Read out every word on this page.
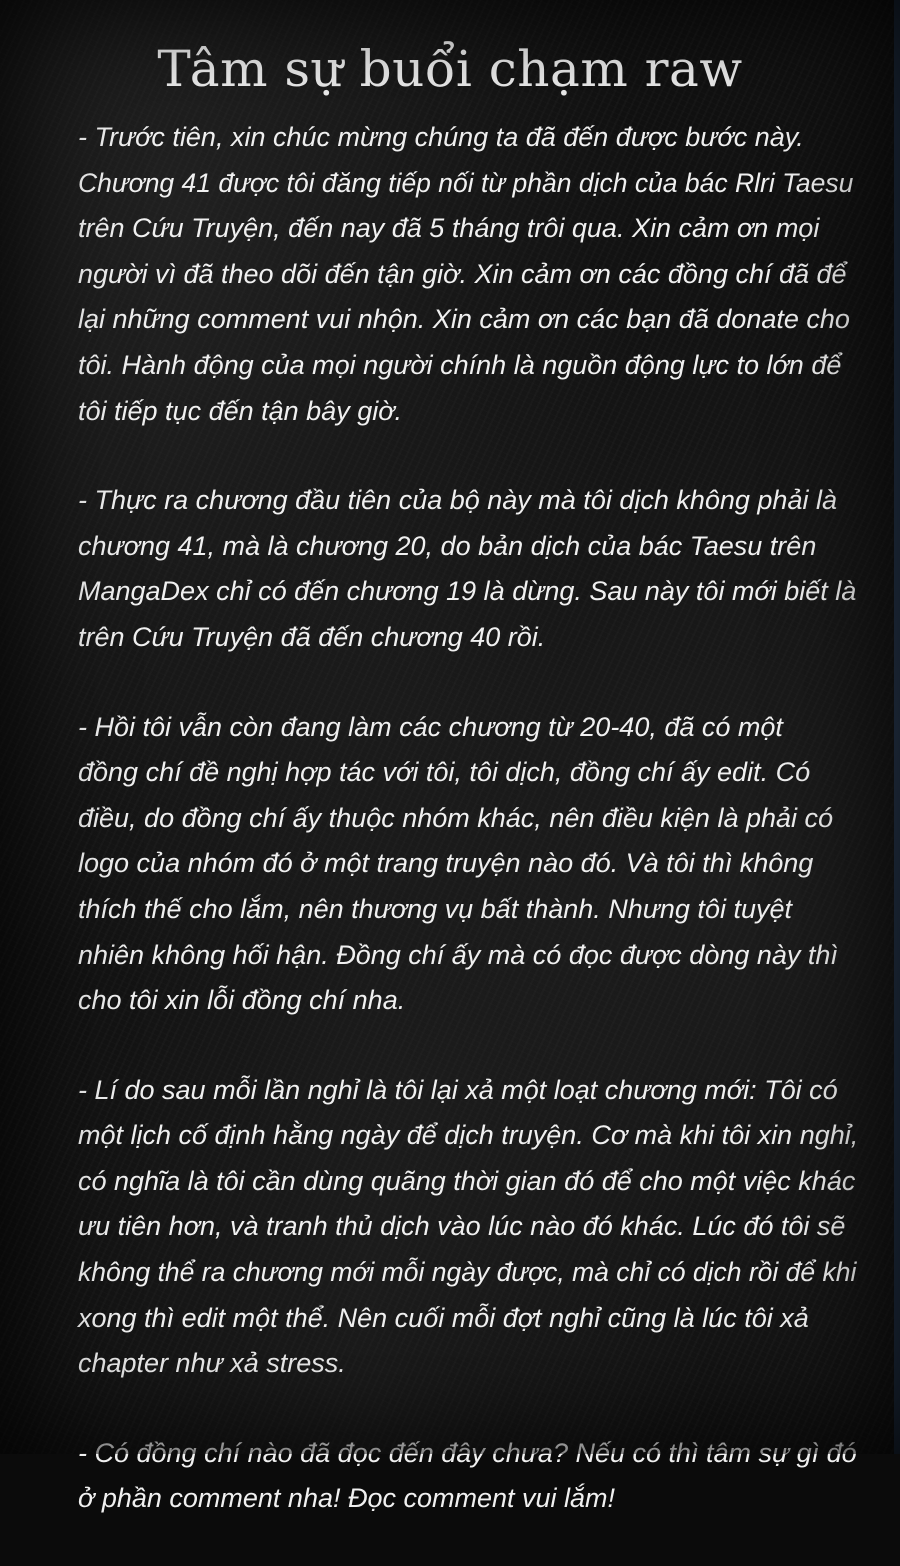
Tâm sự buổi chạm raw

- Trước tiên, xin chúc mừng chúng ta đã đến được bước này.
Chương 41 được tôi đăng tiếp nối từ phần dịch của bác Rlri Taesu
trên Cứu Truyện, đến nay đã 5 tháng trôi qua. Xin cảm ơn mọi
người vì đã theo dõi đến tận giờ. Xin cảm ơn các đồng chí đã để
lại những comment vui nhộn. Xin cảm ơn các bạn đã donate cho
tôi. Hành động của mọi người chính là nguồn động lực to lớn để
tôi tiếp tục đến tận bây giờ.

- Thực ra chương đầu tiên của bộ này mà tôi dịch không phải là
chương 41, mà là chương 20, do bản dịch của bác Taesu trên
MangaDex chỉ có đến chương 19 là dừng. Sau này tôi mới biết là
trên Cứu Truyện đã đến chương 40 rồi.

- Hồi tôi vẫn còn đang làm các chương từ 20-40, đã có một
đồng chí đề nghị hợp tác với tôi, tôi dịch, đồng chí ấy edit. Có
điều, do đồng chí ấy thuộc nhóm khác, nên điều kiện là phải có
logo của nhóm đó ở một trang truyện nào đó. Và tôi thì không
thích thế cho lắm, nên thương vụ bất thành. Nhưng tôi tuyệt
nhiên không hối hận. Đồng chí ấy mà có đọc được dòng này thì
cho tôi xin lỗi đồng chí nha.

- Lí do sau mỗi lần nghỉ là tôi lại xả một loạt chương mới: Tôi có
một lịch cố định hằng ngày để dịch truyện. Cơ mà khi tôi xin nghỉ,
có nghĩa là tôi cần dùng quãng thời gian đó để cho một việc khác
ưu tiên hơn, và tranh thủ dịch vào lúc nào đó khác. Lúc đó tôi sẽ
không thể ra chương mới mỗi ngày được, mà chỉ có dịch rồi để khi
xong thì edit một thể. Nên cuối mỗi đợt nghỉ cũng là lúc tôi xả
chapter như xả stress.

- Có đồng chí nào đã đọc đến đây chưa? Nếu có thì tâm sự gì đó
ở phần comment nha! Đọc comment vui lắm!
